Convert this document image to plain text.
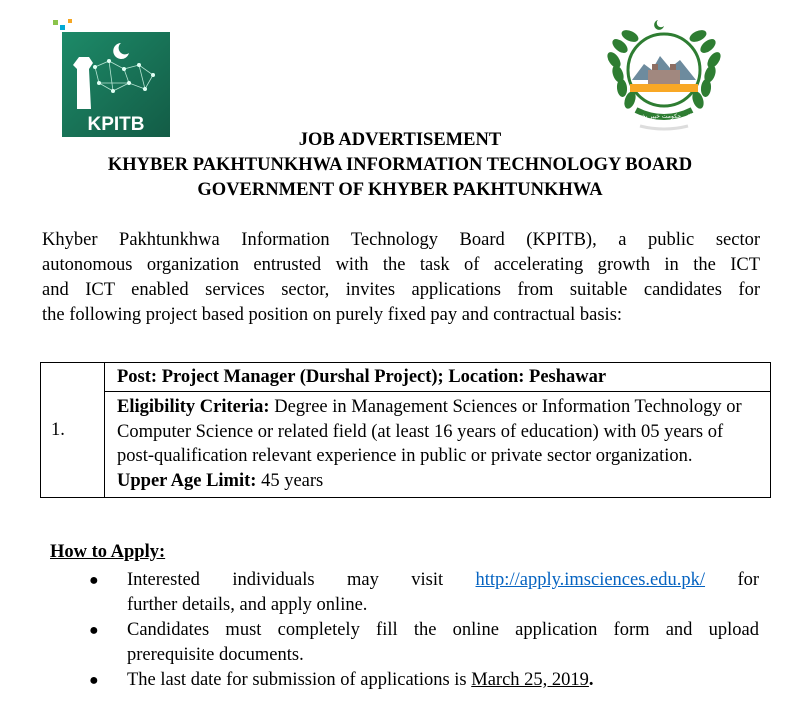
KPITB	صوبائی حکومت خیبر پختونخوا
JOB ADVERTISEMENT
KHYBER PAKHTUNKHWA INFORMATION TECHNOLOGY BOARD
GOVERNMENT OF KHYBER PAKHTUNKHWA
Khyber Pakhtunkhwa Information Technology Board (KPITB), a public sector
autonomous organization entrusted with the task of accelerating growth in the ICT
and ICT enabled services sector, invites applications from suitable candidates for
the following project based position on purely fixed pay and contractual basis:
1.	Post: Project Manager (Durshal Project); Location: Peshawar
Eligibility Criteria: Degree in Management Sciences or Information Technology or Computer Science or related field (at least 16 years of education) with 05 years of post-qualification relevant experience in public or private sector organization.
Upper Age Limit: 45 years
How to Apply:
● Interested individuals may visit http://apply.imsciences.edu.pk/ for
further details, and apply online.
● Candidates must completely fill the online application form and upload
prerequisite documents.
● The last date for submission of applications is March 25, 2019.
